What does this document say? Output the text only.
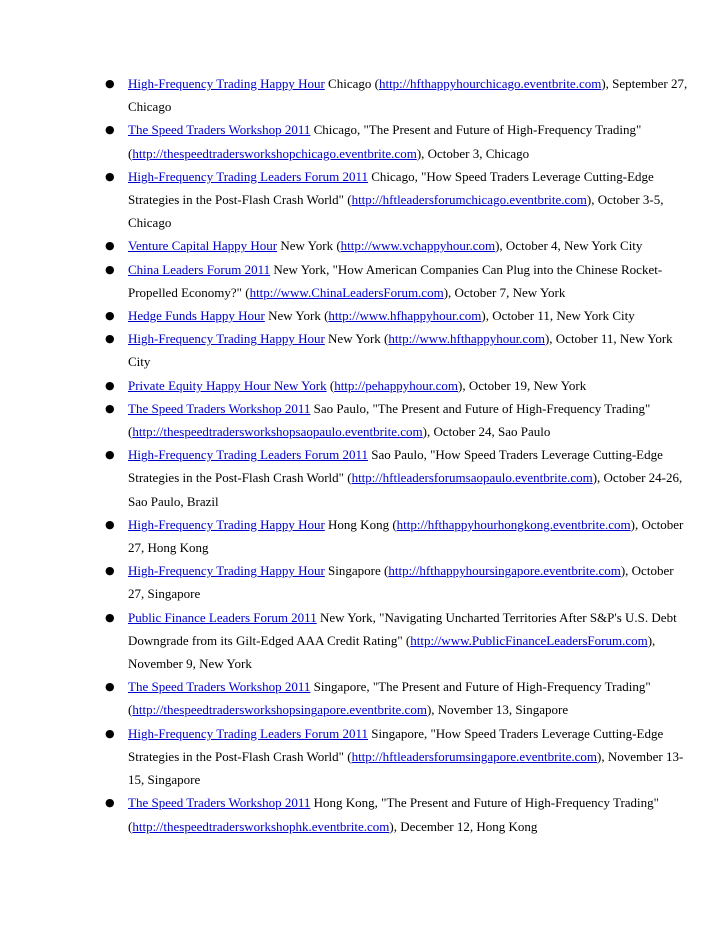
● High-Frequency Trading Happy Hour Chicago (http://hfthappyhourchicago.eventbrite.com), September 27, Chicago
● The Speed Traders Workshop 2011 Chicago, "The Present and Future of High-Frequency Trading" (http://thespeedtradersworkshopchicago.eventbrite.com), October 3, Chicago
● High-Frequency Trading Leaders Forum 2011 Chicago, "How Speed Traders Leverage Cutting-Edge Strategies in the Post-Flash Crash World" (http://hftleadersforumchicago.eventbrite.com), October 3-5, Chicago
● Venture Capital Happy Hour New York (http://www.vchappyhour.com), October 4, New York City
● China Leaders Forum 2011 New York, "How American Companies Can Plug into the Chinese Rocket-Propelled Economy?" (http://www.ChinaLeadersForum.com), October 7, New York
● Hedge Funds Happy Hour New York (http://www.hfhappyhour.com), October 11, New York City
● High-Frequency Trading Happy Hour New York (http://www.hfthappyhour.com), October 11, New York City
● Private Equity Happy Hour New York (http://pehappyhour.com), October 19, New York
● The Speed Traders Workshop 2011 Sao Paulo, "The Present and Future of High-Frequency Trading" (http://thespeedtradersworkshopsaopaulo.eventbrite.com), October 24, Sao Paulo
● High-Frequency Trading Leaders Forum 2011 Sao Paulo, "How Speed Traders Leverage Cutting-Edge Strategies in the Post-Flash Crash World" (http://hftleadersforumsaopaulo.eventbrite.com), October 24-26, Sao Paulo, Brazil
● High-Frequency Trading Happy Hour Hong Kong (http://hfthappyhourhongkong.eventbrite.com), October 27, Hong Kong
● High-Frequency Trading Happy Hour Singapore (http://hfthappyhoursingapore.eventbrite.com), October 27, Singapore
● Public Finance Leaders Forum 2011 New York, "Navigating Uncharted Territories After S&P's U.S. Debt Downgrade from its Gilt-Edged AAA Credit Rating" (http://www.PublicFinanceLeadersForum.com), November 9, New York
● The Speed Traders Workshop 2011 Singapore, "The Present and Future of High-Frequency Trading" (http://thespeedtradersworkshopsingapore.eventbrite.com), November 13, Singapore
● High-Frequency Trading Leaders Forum 2011 Singapore, "How Speed Traders Leverage Cutting-Edge Strategies in the Post-Flash Crash World" (http://hftleadersforumsingapore.eventbrite.com), November 13-15, Singapore
● The Speed Traders Workshop 2011 Hong Kong, "The Present and Future of High-Frequency Trading" (http://thespeedtradersworkshophk.eventbrite.com), December 12, Hong Kong
